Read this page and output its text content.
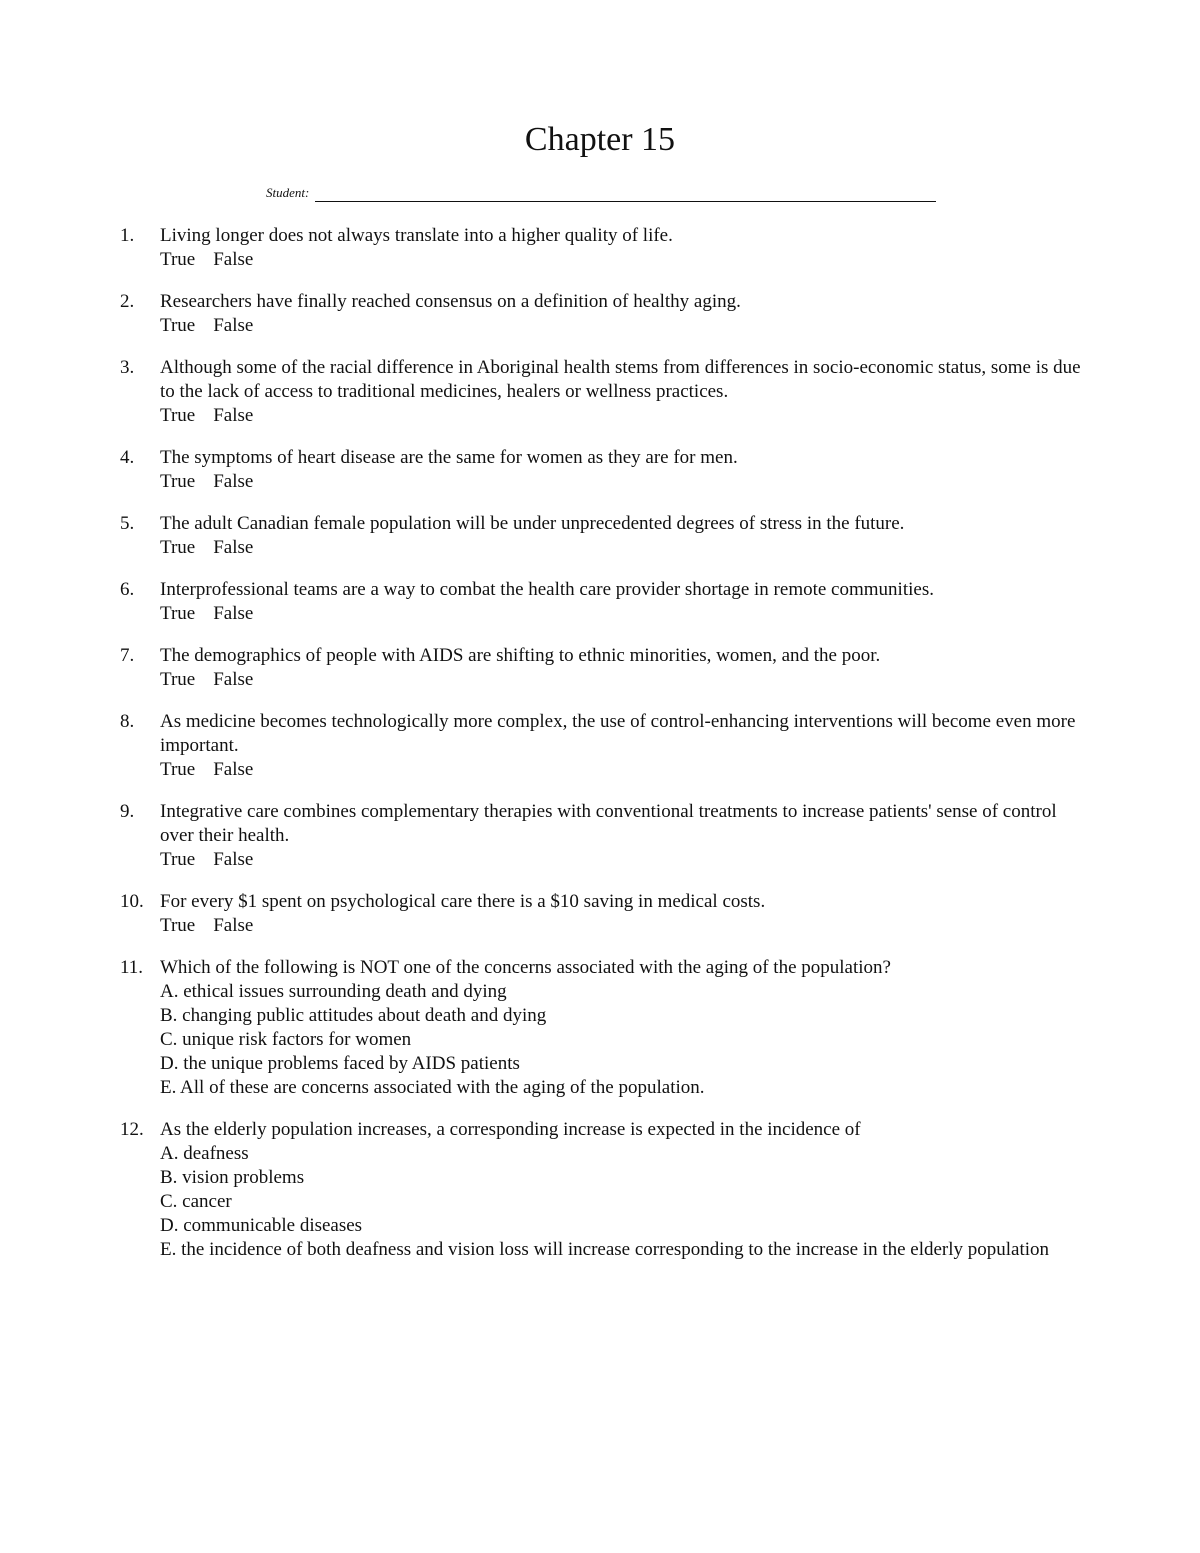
Chapter 15
Student:
1.	Living longer does not always translate into a higher quality of life.
True False
2.	Researchers have finally reached consensus on a definition of healthy aging.
True False
3.	Although some of the racial difference in Aboriginal health stems from differences in socio-economic status, some is due to the lack of access to traditional medicines, healers or wellness practices.
True False
4.	The symptoms of heart disease are the same for women as they are for men.
True False
5.	The adult Canadian female population will be under unprecedented degrees of stress in the future.
True False
6.	Interprofessional teams are a way to combat the health care provider shortage in remote communities.
True False
7.	The demographics of people with AIDS are shifting to ethnic minorities, women, and the poor.
True False
8.	As medicine becomes technologically more complex, the use of control-enhancing interventions will become even more important.
True False
9.	Integrative care combines complementary therapies with conventional treatments to increase patients' sense of control over their health.
True False
10. For every $1 spent on psychological care there is a $10 saving in medical costs.
True False
11. Which of the following is NOT one of the concerns associated with the aging of the population?
A. ethical issues surrounding death and dying
B. changing public attitudes about death and dying
C. unique risk factors for women
D. the unique problems faced by AIDS patients
E. All of these are concerns associated with the aging of the population.
12. As the elderly population increases, a corresponding increase is expected in the incidence of
A. deafness
B. vision problems
C. cancer
D. communicable diseases
E. the incidence of both deafness and vision loss will increase corresponding to the increase in the elderly population
